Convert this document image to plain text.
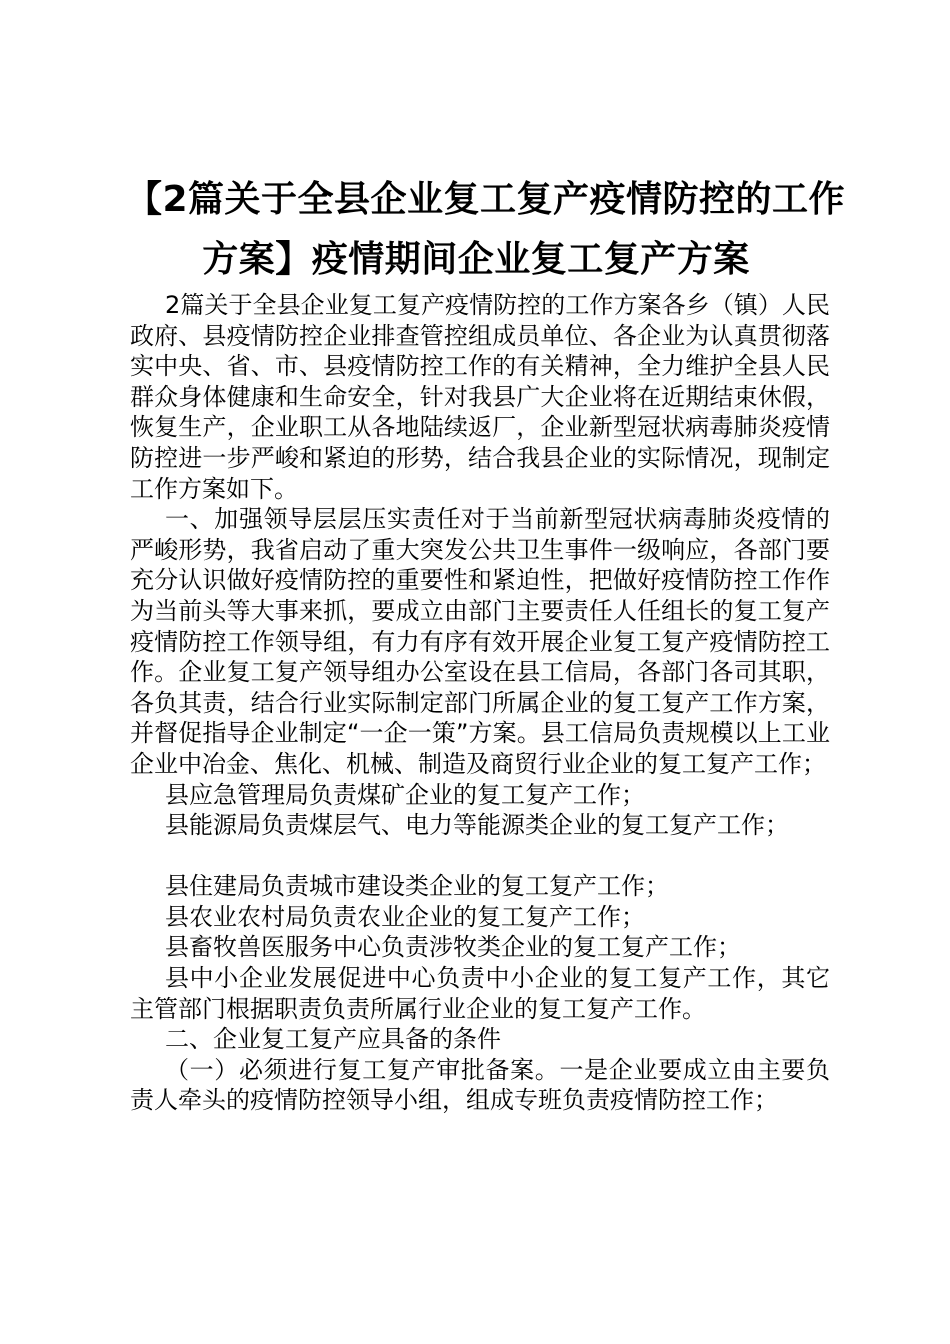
【2篇关于全县企业复工复产疫情防控的工作
方案】疫情期间企业复工复产方案

2篇关于全县企业复工复产疫情防控的工作方案各乡（镇）人民政府、县疫情防控企业排查管控组成员单位、各企业为认真贯彻落实中央、省、市、县疫情防控工作的有关精神，全力维护全县人民群众身体健康和生命安全，针对我县广大企业将在近期结束休假，恢复生产，企业职工从各地陆续返厂，企业新型冠状病毒肺炎疫情防控进一步严峻和紧迫的形势，结合我县企业的实际情况，现制定工作方案如下。

一、加强领导层层压实责任对于当前新型冠状病毒肺炎疫情的严峻形势，我省启动了重大突发公共卫生事件一级响应，各部门要充分认识做好疫情防控的重要性和紧迫性，把做好疫情防控工作作为当前头等大事来抓，要成立由部门主要责任人任组长的复工复产疫情防控工作领导组，有力有序有效开展企业复工复产疫情防控工作。企业复工复产领导组办公室设在县工信局，各部门各司其职，各负其责，结合行业实际制定部门所属企业的复工复产工作方案，并督促指导企业制定“一企一策”方案。县工信局负责规模以上工业企业中冶金、焦化、机械、制造及商贸行业企业的复工复产工作；

县应急管理局负责煤矿企业的复工复产工作；

县能源局负责煤层气、电力等能源类企业的复工复产工作；

县住建局负责城市建设类企业的复工复产工作；

县农业农村局负责农业企业的复工复产工作；

县畜牧兽医服务中心负责涉牧类企业的复工复产工作；

县中小企业发展促进中心负责中小企业的复工复产工作，其它主管部门根据职责负责所属行业企业的复工复产工作。

二、企业复工复产应具备的条件

（一）必须进行复工复产审批备案。一是企业要成立由主要负责人牵头的疫情防控领导小组，组成专班负责疫情防控工作；
